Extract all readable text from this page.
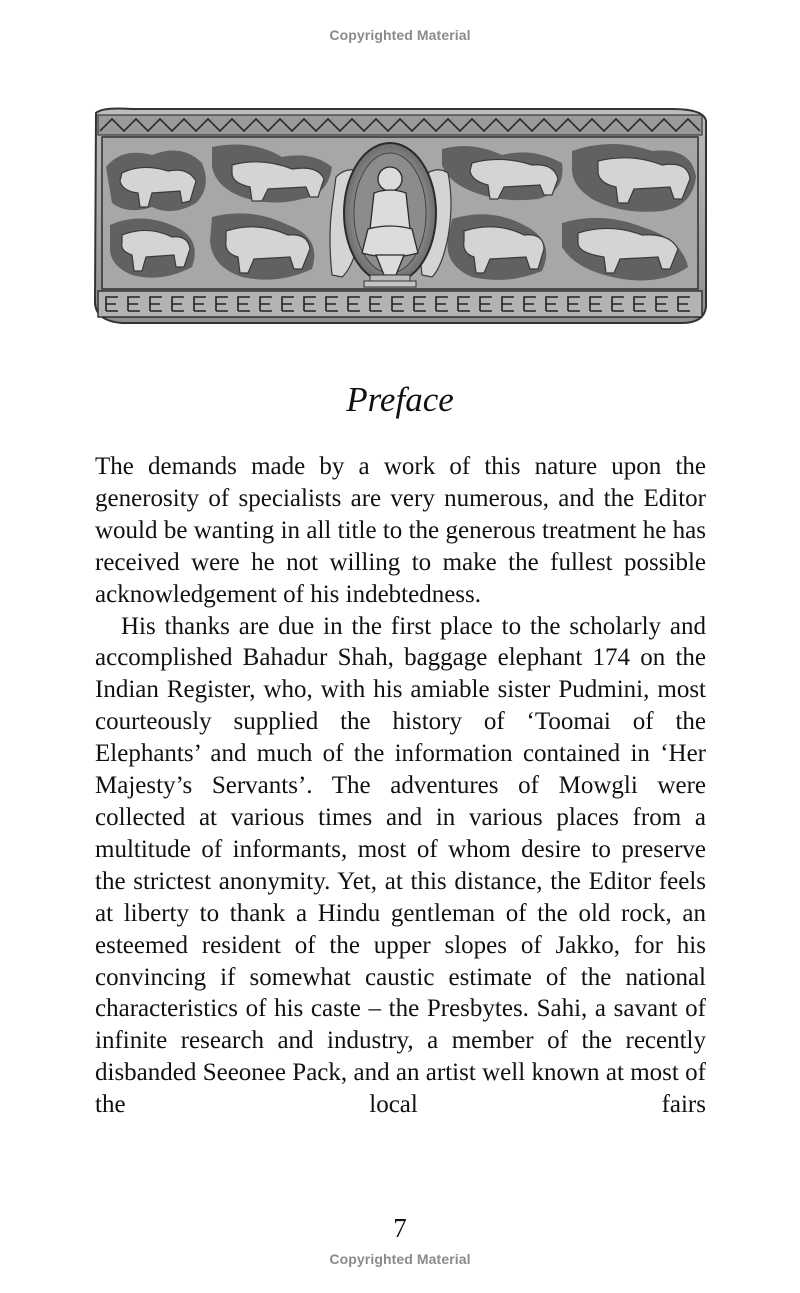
Copyrighted Material
Preface

The demands made by a work of this nature upon the generosity of specialists are very numerous, and the Editor would be wanting in all title to the generous treatment he has received were he not willing to make the fullest possible acknowledgement of his indebtedness.

His thanks are due in the first place to the scholarly and accomplished Bahadur Shah, baggage elephant 174 on the Indian Register, who, with his amiable sister Pudmini, most courteously supplied the history of ‘Toomai of the Elephants’ and much of the information contained in ‘Her Majesty’s Servants’. The adventures of Mowgli were collected at various times and in various places from a multitude of informants, most of whom desire to preserve the strictest anonymity. Yet, at this distance, the Editor feels at liberty to thank a Hindu gentleman of the old rock, an esteemed resident of the upper slopes of Jakko, for his convincing if somewhat caustic estimate of the national characteristics of his caste – the Presbytes. Sahi, a savant of infinite research and industry, a member of the recently disbanded Seeonee Pack, and an artist well known at most of the local fairs

7
Copyrighted Material
